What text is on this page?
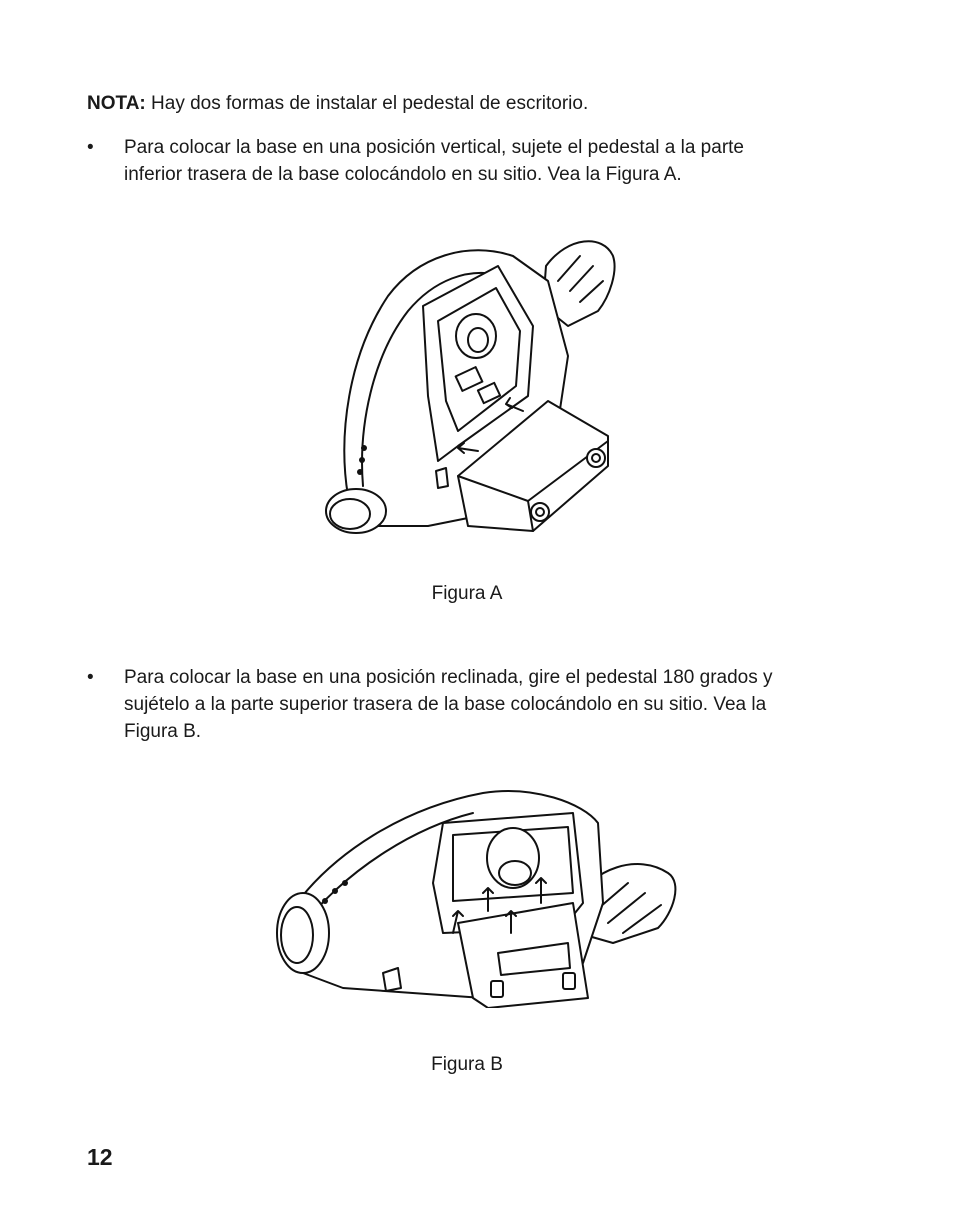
NOTA: Hay dos formas de instalar el pedestal de escritorio.
•	Para colocar la base en una posición vertical, sujete el pedestal a la parte
inferior trasera de la base colocándolo en su sitio. Vea la Figura A.
Figura A
•	Para colocar la base en una posición reclinada, gire el pedestal 180 grados y
sujételo a la parte superior trasera de la base colocándolo en su sitio. Vea la
Figura B.
Figura B
12
